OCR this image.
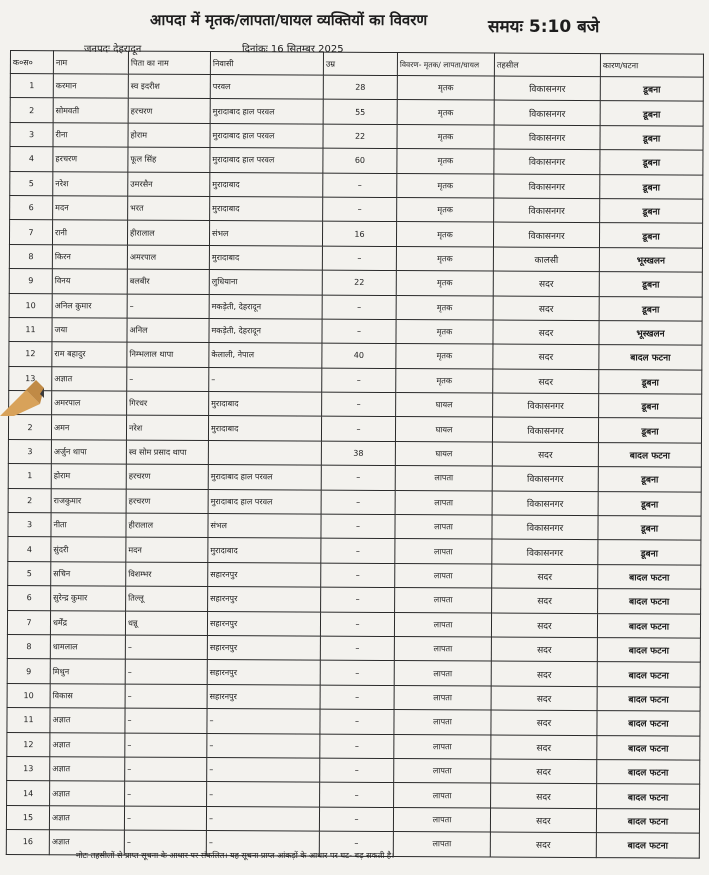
आपदा में मृतक/लापता/घायल व्यक्तियों का विवरण	समयः 5:10 बजे
जनपदः देहरादून	दिनांकः 16 सितम्बर 2025
क०स०	नाम	पिता का नाम	निवासी	उम्र	विवरण- मृतक/ लापता/घायल	तहसील	कारण/घटना
1	करमान	स्व इदरीश	परवल	28	मृतक	विकासनगर	डूबना
2	सोमवती	हरचरण	मुरादाबाद हाल परवल	55	मृतक	विकासनगर	डूबना
3	रीना	होराम	मुरादाबाद हाल परवल	22	मृतक	विकासनगर	डूबना
4	हरचरण	फूल सिंह	मुरादाबाद हाल परवल	60	मृतक	विकासनगर	डूबना
5	नरेश	उमरसैन	मुरादाबाद	–	मृतक	विकासनगर	डूबना
6	मदन	भरत	मुरादाबाद	–	मृतक	विकासनगर	डूबना
7	रानी	हीरालाल	संभल	16	मृतक	विकासनगर	डूबना
8	किरन	अमरपाल	मुरादाबाद	–	मृतक	कालसी	भूस्खलन
9	विनय	बलबीर	लुधियाना	22	मृतक	सदर	डूबना
10	अनिल कुमार	–	मकड़ेती, देहरादून	–	मृतक	सदर	डूबना
11	जया	अनिल	मकड़ेती, देहरादून	–	मृतक	सदर	भूस्खलन
12	राम बहादुर	निम्भलाल थापा	केलाली, नेपाल	40	मृतक	सदर	बादल फटना
13	अज्ञात	–	–	–	मृतक	सदर	डूबना
	अमरपाल	गिरधर	मुरादाबाद	–	घायल	विकासनगर	डूबना
2	अमन	नरेश	मुरादाबाद	–	घायल	विकासनगर	डूबना
3	अर्जुन थापा	स्व सोम प्रसाद थापा		38	घायल	सदर	बादल फटना
1	होराम	हरचरण	मुरादाबाद हाल परवल	–	लापता	विकासनगर	डूबना
2	राजकुमार	हरचरण	मुरादाबाद हाल परवल	–	लापता	विकासनगर	डूबना
3	नीता	हीरालाल	संभल	–	लापता	विकासनगर	डूबना
4	सुंदरी	मदन	मुरादाबाद	–	लापता	विकासनगर	डूबना
5	सचिन	विशम्भर	सहारनपुर	–	लापता	सदर	बादल फटना
6	सुरेन्द्र कुमार	तिल्लू	सहारनपुर	–	लापता	सदर	बादल फटना
7	धर्मेंद्र	धन्नू	सहारनपुर	–	लापता	सदर	बादल फटना
8	धामलाल	–	सहारनपुर	–	लापता	सदर	बादल फटना
9	मिथुन	–	सहारनपुर	–	लापता	सदर	बादल फटना
10	विकास	–	सहारनपुर	–	लापता	सदर	बादल फटना
11	अज्ञात	–	–	–	लापता	सदर	बादल फटना
12	अज्ञात	–	–	–	लापता	सदर	बादल फटना
13	अज्ञात	–	–	–	लापता	सदर	बादल फटना
14	अज्ञात	–	–	–	लापता	सदर	बादल फटना
15	अज्ञात	–	–	–	लापता	सदर	बादल फटना
16	अज्ञात	–	–	–	लापता	सदर	बादल फटना
नोटः तहसीलों से प्राप्त सूचना के आधार पर संकलित। यह सूचना प्राप्त आंकड़ों के आधार पर घट- बढ़ सकती है।
